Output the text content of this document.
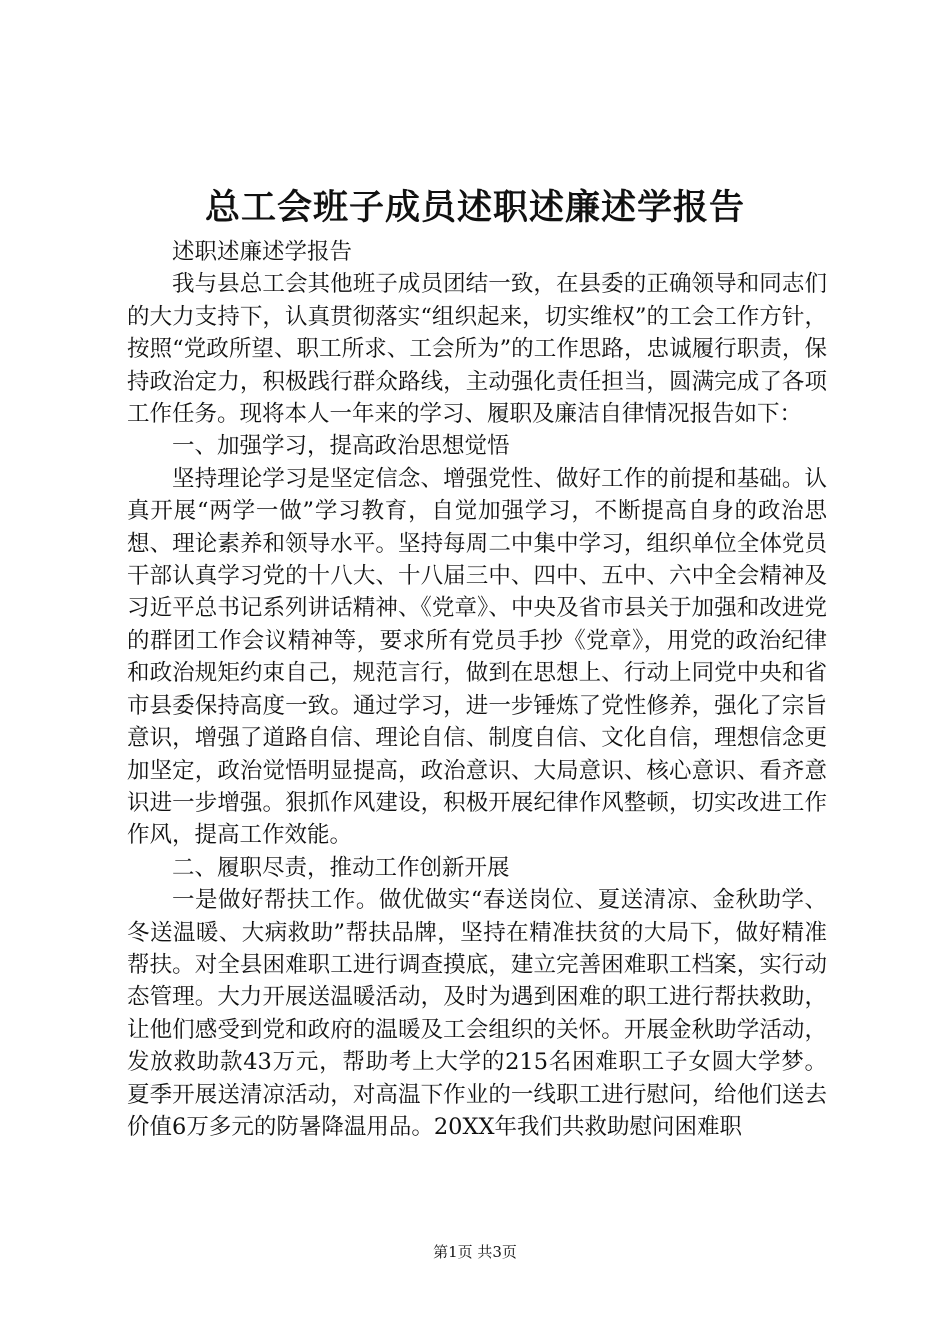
总工会班子成员述职述廉述学报告

述职述廉述学报告

我与县总工会其他班子成员团结一致，在县委的正确领导和同志们的大力支持下，认真贯彻落实“组织起来，切实维权”的工会工作方针，按照“党政所望、职工所求、工会所为”的工作思路，忠诚履行职责，保持政治定力，积极践行群众路线，主动强化责任担当，圆满完成了各项工作任务。现将本人一年来的学习、履职及廉洁自律情况报告如下：

一、加强学习，提高政治思想觉悟

坚持理论学习是坚定信念、增强党性、做好工作的前提和基础。认真开展“两学一做”学习教育，自觉加强学习，不断提高自身的政治思想、理论素养和领导水平。坚持每周二中集中学习，组织单位全体党员干部认真学习党的十八大、十八届三中、四中、五中、六中全会精神及习近平总书记系列讲话精神、《党章》、中央及省市县关于加强和改进党的群团工作会议精神等，要求所有党员手抄《党章》，用党的政治纪律和政治规矩约束自己，规范言行，做到在思想上、行动上同党中央和省市县委保持高度一致。通过学习，进一步锤炼了党性修养，强化了宗旨意识，增强了道路自信、理论自信、制度自信、文化自信，理想信念更加坚定，政治觉悟明显提高，政治意识、大局意识、核心意识、看齐意识进一步增强。狠抓作风建设，积极开展纪律作风整顿，切实改进工作作风，提高工作效能。

二、履职尽责，推动工作创新开展

一是做好帮扶工作。做优做实“春送岗位、夏送清凉、金秋助学、冬送温暖、大病救助”帮扶品牌，坚持在精准扶贫的大局下，做好精准帮扶。对全县困难职工进行调查摸底，建立完善困难职工档案，实行动态管理。大力开展送温暖活动，及时为遇到困难的职工进行帮扶救助，让他们感受到党和政府的温暖及工会组织的关怀。开展金秋助学活动，发放救助款43万元，帮助考上大学的215名困难职工子女圆大学梦。夏季开展送清凉活动，对高温下作业的一线职工进行慰问，给他们送去价值6万多元的防暑降温用品。20XX年我们共救助慰问困难职

第1页 共3页
